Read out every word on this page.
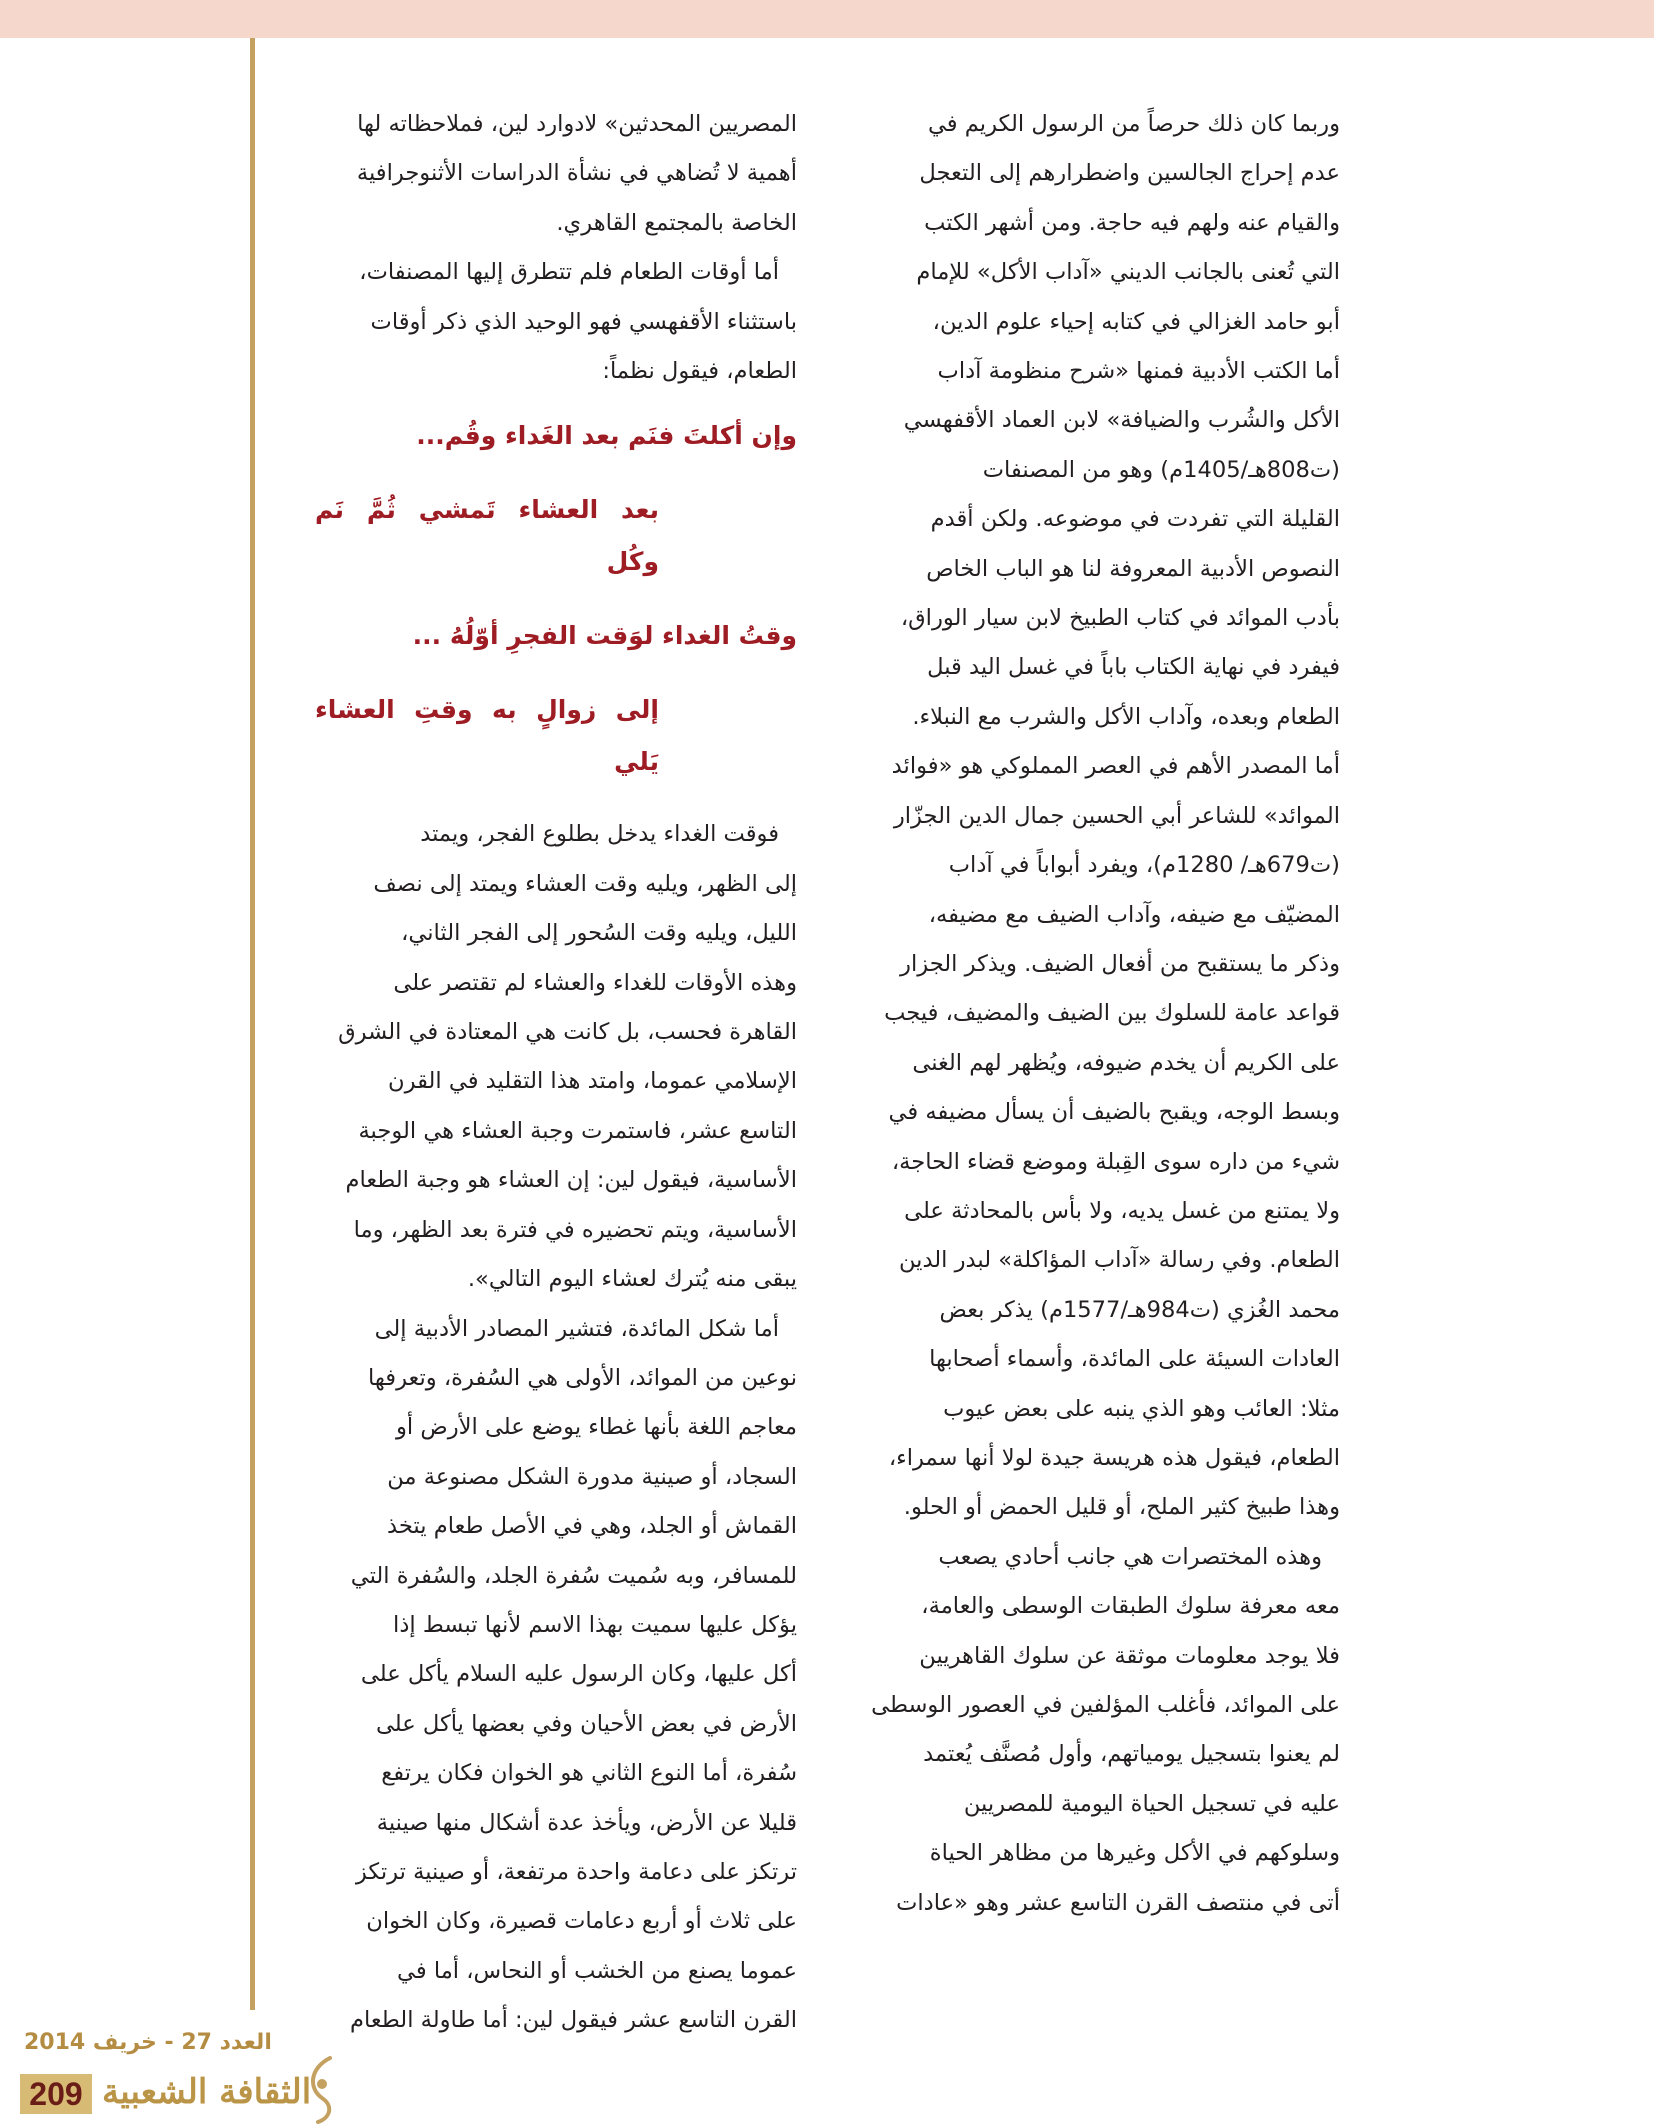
وربما كان ذلك حرصاً من الرسول الكريم في

عدم إحراج الجالسين واضطرارهم إلى التعجل

والقيام عنه ولهم فيه حاجة. ومن أشهر الكتب

التي تُعنى بالجانب الديني «آداب الأكل» للإمام

أبو حامد الغزالي في كتابه إحياء علوم الدين،

أما الكتب الأدبية فمنها «شرح منظومة آداب

الأكل والشُرب والضيافة» لابن العماد الأقفهسي

(ت808هـ/1405م) وهو من المصنفات

القليلة التي تفردت في موضوعه. ولكن أقدم

النصوص الأدبية المعروفة لنا هو الباب الخاص

بأدب الموائد في كتاب الطبيخ لابن سيار الوراق،

فيفرد في نهاية الكتاب باباً في غسل اليد قبل

الطعام وبعده، وآداب الأكل والشرب مع النبلاء.

أما المصدر الأهم في العصر المملوكي هو «فوائد

الموائد» للشاعر أبي الحسين جمال الدين الجزّار

(ت679هـ/ 1280م)، ويفرد أبواباً في آداب

المضيّف مع ضيفه، وآداب الضيف مع مضيفه،

وذكر ما يستقبح من أفعال الضيف. ويذكر الجزار

قواعد عامة للسلوك بين الضيف والمضيف، فيجب

على الكريم أن يخدم ضيوفه، ويُظهر لهم الغنى

وبسط الوجه، ويقبح بالضيف أن يسأل مضيفه في

شيء من داره سوى القِبلة وموضع قضاء الحاجة،

ولا يمتنع من غسل يديه، ولا بأس بالمحادثة على

الطعام. وفي رسالة «آداب المؤاكلة» لبدر الدين

محمد الغُزي (ت984هـ/1577م) يذكر بعض

العادات السيئة على المائدة، وأسماء أصحابها

مثلا: العائب وهو الذي ينبه على بعض عيوب

الطعام، فيقول هذه هريسة جيدة لولا أنها سمراء،

وهذا طبيخ كثير الملح، أو قليل الحمض أو الحلو.

وهذه المختصرات هي جانب أحادي يصعب

معه معرفة سلوك الطبقات الوسطى والعامة،

فلا يوجد معلومات موثقة عن سلوك القاهريين

على الموائد، فأغلب المؤلفين في العصور الوسطى

لم يعنوا بتسجيل يومياتهم، وأول مُصنَّف يُعتمد

عليه في تسجيل الحياة اليومية للمصريين

وسلوكهم في الأكل وغيرها من مظاهر الحياة

أتى في منتصف القرن التاسع عشر وهو «عادات

المصريين المحدثين» لادوارد لين، فملاحظاته لها

أهمية لا تُضاهي في نشأة الدراسات الأثنوجرافية

الخاصة بالمجتمع القاهري.

أما أوقات الطعام فلم تتطرق إليها المصنفات،

باستثناء الأقفهسي فهو الوحيد الذي ذكر أوقات

الطعام، فيقول نظماً:

وإن أكلتَ فنَم بعد الغَداء وقُم...

بعد العشاء تَمشي ثُمَّ نَم وكُل

وقتُ الغداء لوَقت الفجرِ أوّلُهُ ...

إلى زوالٍ به وقتِ العشاء يَلي

فوقت الغداء يدخل بطلوع الفجر، ويمتد

إلى الظهر، ويليه وقت العشاء ويمتد إلى نصف

الليل، ويليه وقت السُحور إلى الفجر الثاني،

وهذه الأوقات للغداء والعشاء لم تقتصر على

القاهرة فحسب، بل كانت هي المعتادة في الشرق

الإسلامي عموما، وامتد هذا التقليد في القرن

التاسع عشر، فاستمرت وجبة العشاء هي الوجبة

الأساسية، فيقول لين: إن العشاء هو وجبة الطعام

الأساسية، ويتم تحضيره في فترة بعد الظهر، وما

يبقى منه يُترك لعشاء اليوم التالي».

أما شكل المائدة، فتشير المصادر الأدبية إلى

نوعين من الموائد، الأولى هي السُفرة، وتعرفها

معاجم اللغة بأنها غطاء يوضع على الأرض أو

السجاد، أو صينية مدورة الشكل مصنوعة من

القماش أو الجلد، وهي في الأصل طعام يتخذ

للمسافر، وبه سُميت سُفرة الجلد، والسُفرة التي

يؤكل عليها سميت بهذا الاسم لأنها تبسط إذا

أكل عليها، وكان الرسول عليه السلام يأكل على

الأرض في بعض الأحيان وفي بعضها يأكل على

سُفرة، أما النوع الثاني هو الخوان فكان يرتفع

قليلا عن الأرض، ويأخذ عدة أشكال منها صينية

ترتكز على دعامة واحدة مرتفعة، أو صينية ترتكز

على ثلاث أو أربع دعامات قصيرة، وكان الخوان

عموما يصنع من الخشب أو النحاس، أما في

القرن التاسع عشر فيقول لين: أما طاولة الطعام

العدد 27 - خريف 2014
209 الثقافة الشعبية
